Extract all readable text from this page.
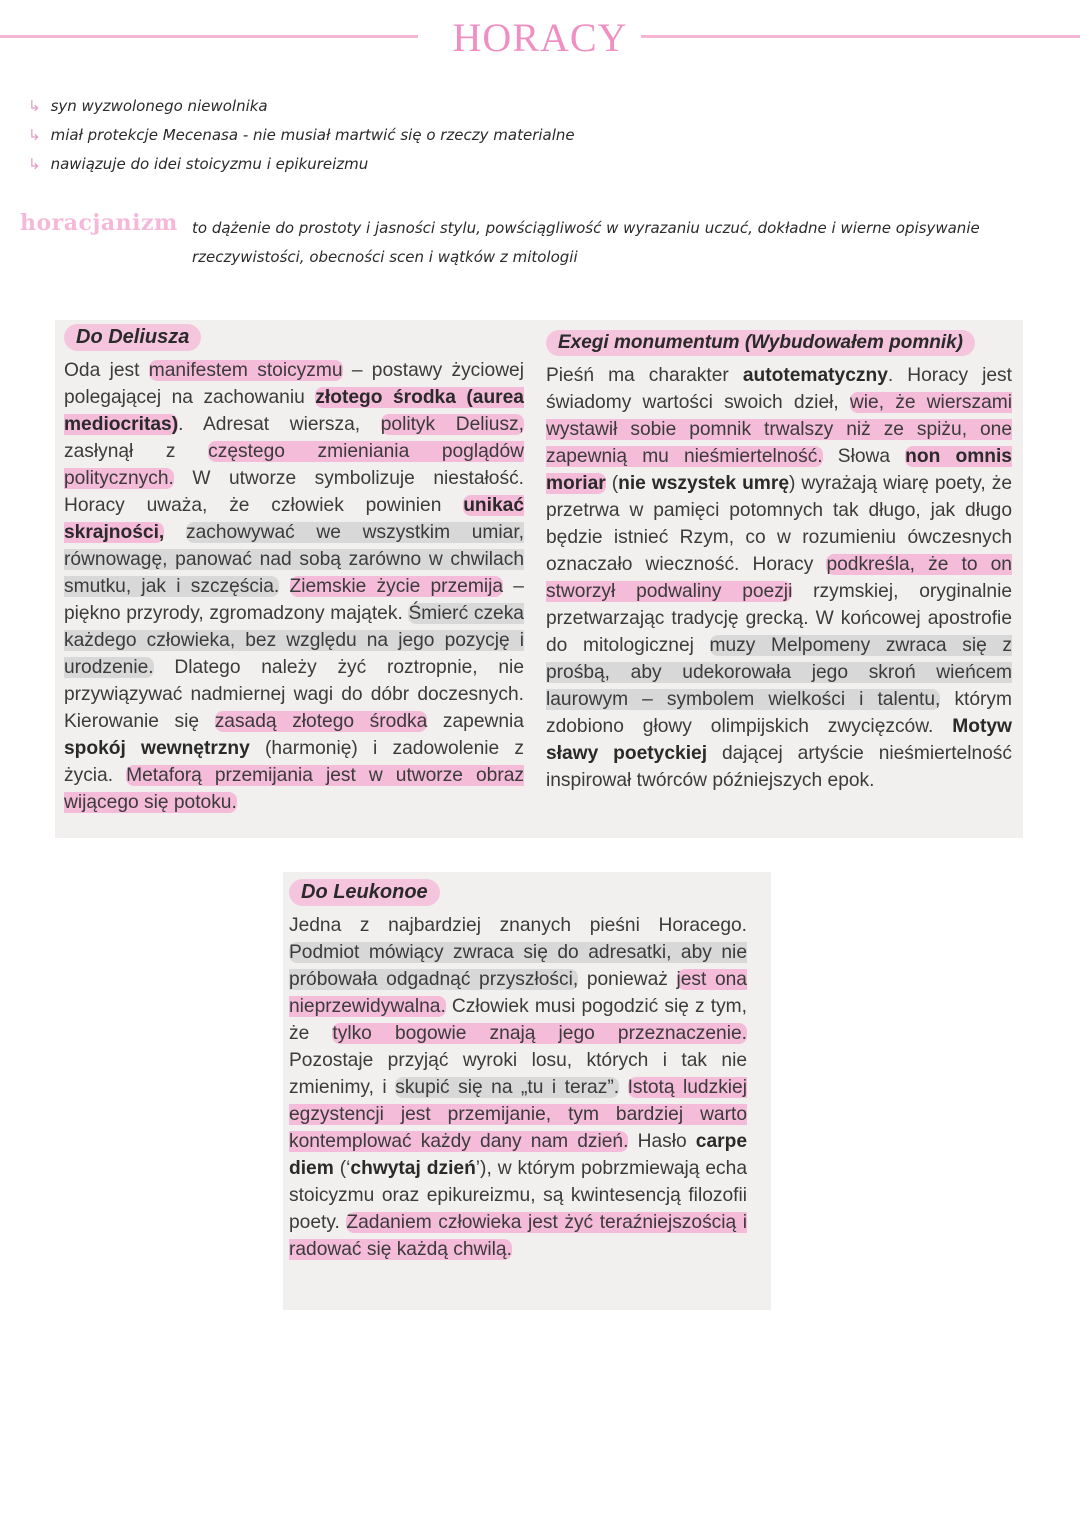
HORACY
↳ syn wyzwolonego niewolnika
↳ miał protekcje Mecenasa - nie musiał martwić się o rzeczy materialne
↳ nawiązuje do idei stoicyzmu i epikureizmu
horacjanizm to dążenie do prostoty i jasności stylu, powściągliwość w wyrazaniu uczuć, dokładne i wierne opisywanie rzeczywistości, obecności scen i wątków z mitologii
Do Deliusza
Oda jest manifestem stoicyzmu – postawy życiowej polegającej na zachowaniu złotego środka (aurea mediocritas). Adresat wiersza, polityk Deliusz, zasłynął z częstego zmieniania poglądów politycznych. W utworze symbolizuje niestałość. Horacy uważa, że człowiek powinien unikać skrajności, zachowywać we wszystkim umiar, równowagę, panować nad sobą zarówno w chwilach smutku, jak i szczęścia. Ziemskie życie przemija – piękno przyrody, zgromadzony majątek. Śmierć czeka każdego człowieka, bez względu na jego pozycję i urodzenie. Dlatego należy żyć roztropnie, nie przywiązywać nadmiernej wagi do dóbr doczesnych. Kierowanie się zasadą złotego środka zapewnia spokój wewnętrzny (harmonię) i zadowolenie z życia. Metaforą przemijania jest w utworze obraz wijącego się potoku.
Exegi monumentum (Wybudowałem pomnik)
Pieśń ma charakter autotematyczny. Horacy jest świadomy wartości swoich dzieł, wie, że wierszami wystawił sobie pomnik trwalszy niż ze spiżu, one zapewnią mu nieśmiertelność. Słowa non omnis moriar (nie wszystek umrę) wyrażają wiarę poety, że przetrwa w pamięci potomnych tak długo, jak długo będzie istnieć Rzym, co w rozumieniu ówczesnych oznaczało wieczność. Horacy podkreśla, że to on stworzył podwaliny poezji rzymskiej, oryginalnie przetwarzając tradycję grecką. W końcowej apostrofie do mitologicznej muzy Melpomeny zwraca się z prośbą, aby udekorowała jego skroń wieńcem laurowym – symbolem wielkości i talentu, którym zdobiono głowy olimpijskich zwycięzców. Motyw sławy poetyckiej dającej artyście nieśmiertelność inspirował twórców późniejszych epok.
Do Leukonoe
Jedna z najbardziej znanych pieśni Horacego. Podmiot mówiący zwraca się do adresatki, aby nie próbowała odgadnąć przyszłości, ponieważ jest ona nieprzewidywalna. Człowiek musi pogodzić się z tym, że tylko bogowie znają jego przeznaczenie. Pozostaje przyjąć wyroki losu, których i tak nie zmienimy, i skupić się na „tu i teraz”. Istotą ludzkiej egzystencji jest przemijanie, tym bardziej warto kontemplować każdy dany nam dzień. Hasło carpe diem (‘chwytaj dzień’), w którym pobrzmiewają echa stoicyzmu oraz epikureizmu, są kwintesencją filozofii poety. Zadaniem człowieka jest żyć teraźniejszością i radować się każdą chwilą.
